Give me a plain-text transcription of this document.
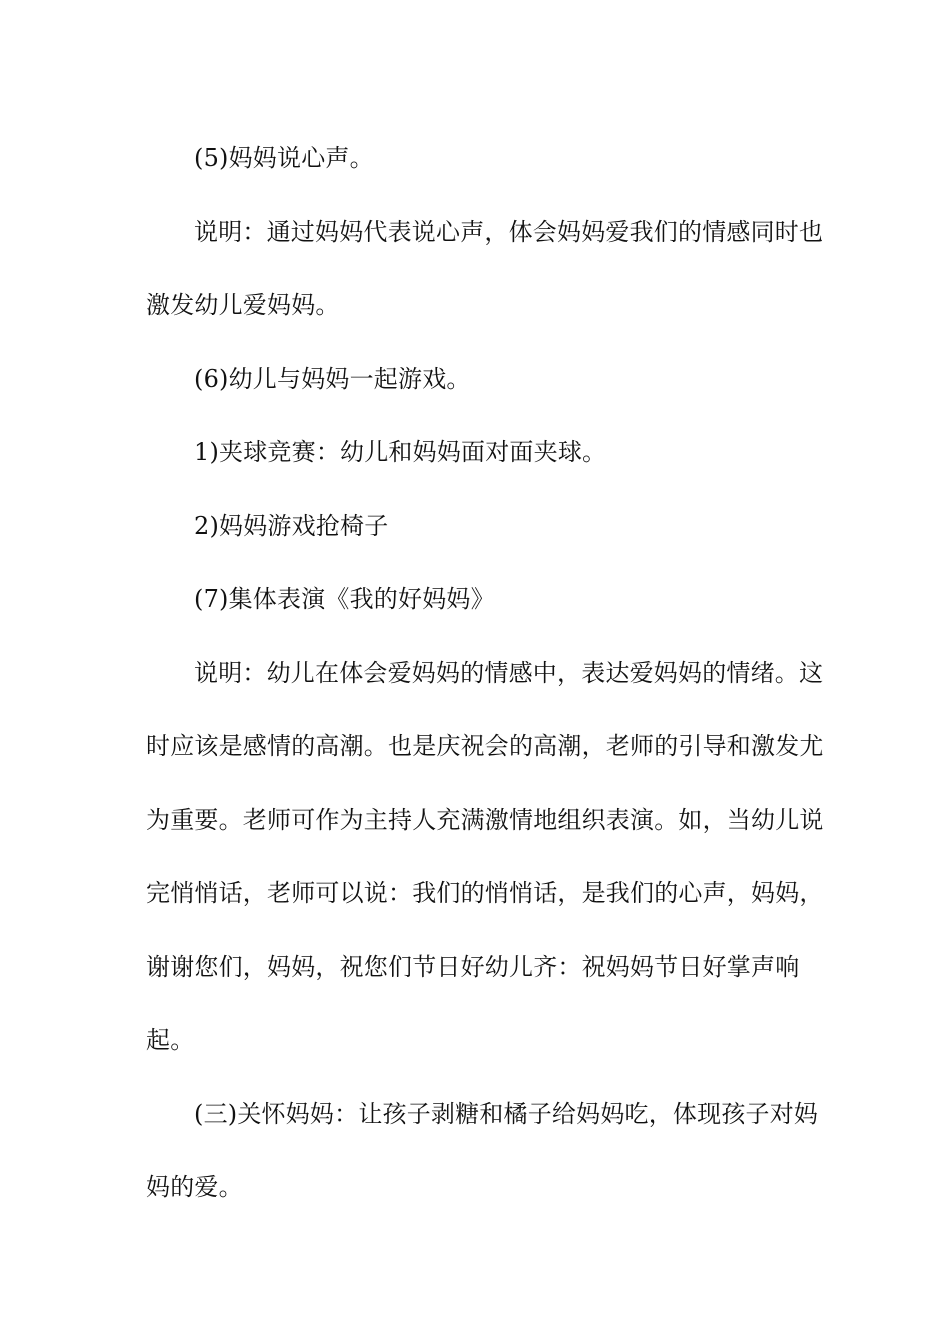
(5)妈妈说心声。

说明：通过妈妈代表说心声，体会妈妈爱我们的情感同时也激发幼儿爱妈妈。

(6)幼儿与妈妈一起游戏。

1)夹球竞赛：幼儿和妈妈面对面夹球。

2)妈妈游戏抢椅子

(7)集体表演《我的好妈妈》

说明：幼儿在体会爱妈妈的情感中，表达爱妈妈的情绪。这时应该是感情的高潮。也是庆祝会的高潮，老师的引导和激发尤为重要。老师可作为主持人充满激情地组织表演。如，当幼儿说完悄悄话，老师可以说：我们的悄悄话，是我们的心声，妈妈，谢谢您们，妈妈，祝您们节日好幼儿齐：祝妈妈节日好掌声响起。

(三)关怀妈妈：让孩子剥糖和橘子给妈妈吃，体现孩子对妈妈的爱。
